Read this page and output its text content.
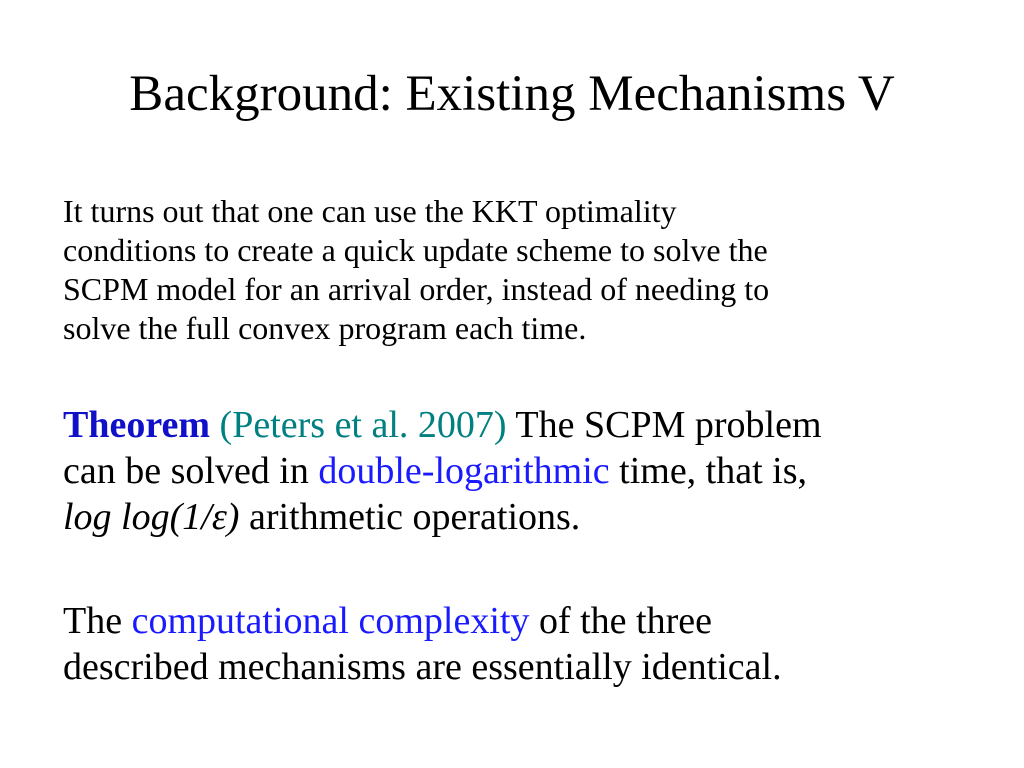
Background: Existing Mechanisms V

It turns out that one can use the KKT optimality
conditions to create a quick update scheme to solve the
SCPM model for an arrival order, instead of needing to
solve the full convex program each time.

Theorem (Peters et al. 2007) The SCPM problem
can be solved in double-logarithmic time, that is,
log log(1/ε) arithmetic operations.

The computational complexity of the three
described mechanisms are essentially identical.
